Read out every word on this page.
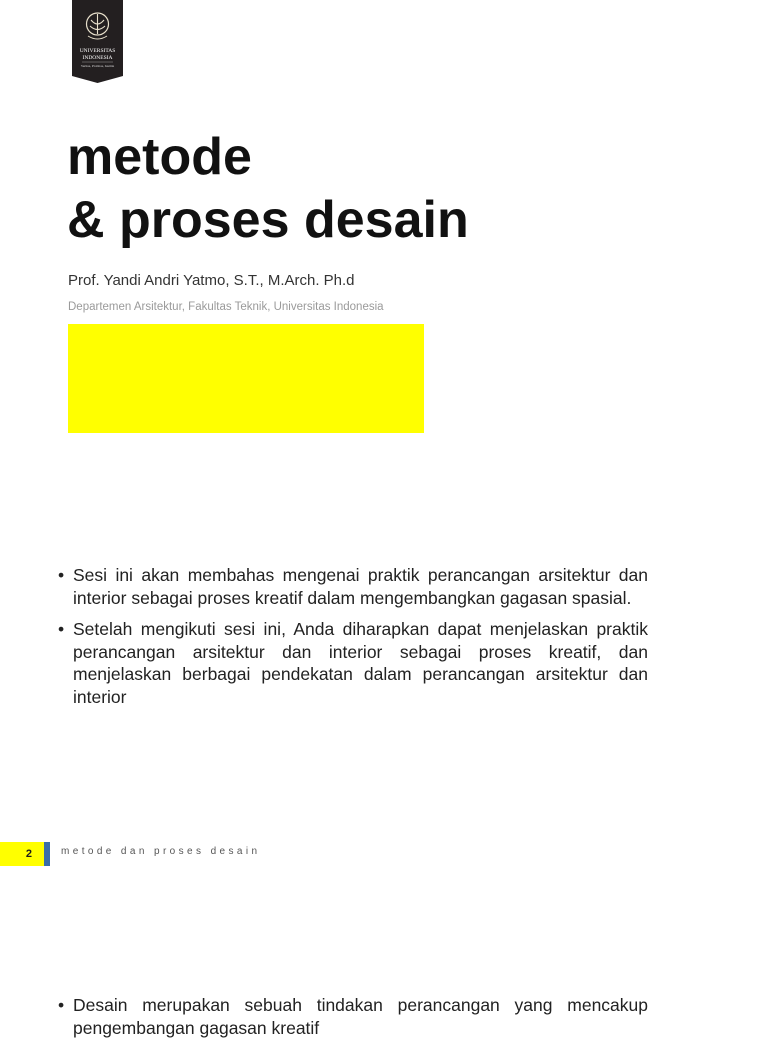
UNIVERSITAS
INDONESIA
Veritas, Probitas, Iustitia
metode
& proses desain
Prof. Yandi Andri Yatmo, S.T., M.Arch. Ph.d
Departemen Arsitektur, Fakultas Teknik, Universitas Indonesia
• Sesi ini akan membahas mengenai praktik perancangan arsitektur dan interior sebagai proses kreatif dalam mengembangkan gagasan spasial.
• Setelah mengikuti sesi ini, Anda diharapkan dapat menjelaskan praktik perancangan arsitektur dan interior sebagai proses kreatif, dan menjelaskan berbagai pendekatan dalam perancangan arsitektur dan interior
2	metode dan proses desain
• Desain merupakan sebuah tindakan perancangan yang mencakup pengembangan gagasan kreatif
